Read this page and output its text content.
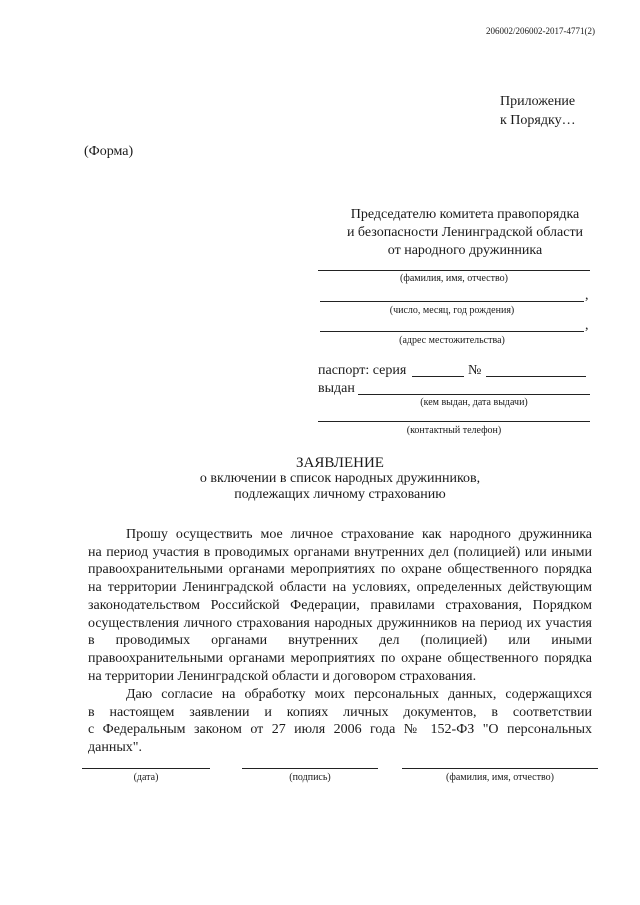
206002/206002-2017-4771(2)
Приложение
к Порядку…
(Форма)
Председателю комитета правопорядка
и безопасности Ленинградской области
от народного дружинника
(фамилия, имя, отчество)
,
(число, месяц, год рождения)
,
(адрес местожительства)
паспорт: серия	№
выдан
(кем выдан, дата выдачи)
(контактный телефон)
ЗАЯВЛЕНИЕ
о включении в список народных дружинников,
подлежащих личному страхованию
Прошу осуществить мое личное страхование как народного дружинника
на период участия в проводимых органами внутренних дел (полицией) или иными
правоохранительными органами мероприятиях по охране общественного порядка
на территории Ленинградской области на условиях, определенных действующим
законодательством Российской Федерации, правилами страхования, Порядком
осуществления личного страхования народных дружинников на период их участия
в проводимых органами внутренних дел (полицией) или иными
правоохранительными органами мероприятиях по охране общественного порядка
на территории Ленинградской области и договором страхования.
Даю согласие на обработку моих персональных данных, содержащихся
в настоящем заявлении и копиях личных документов, в соответствии
с Федеральным законом от 27 июля 2006 года № 152-ФЗ "О персональных
данных".
(дата)	(подпись)	(фамилия, имя, отчество)
